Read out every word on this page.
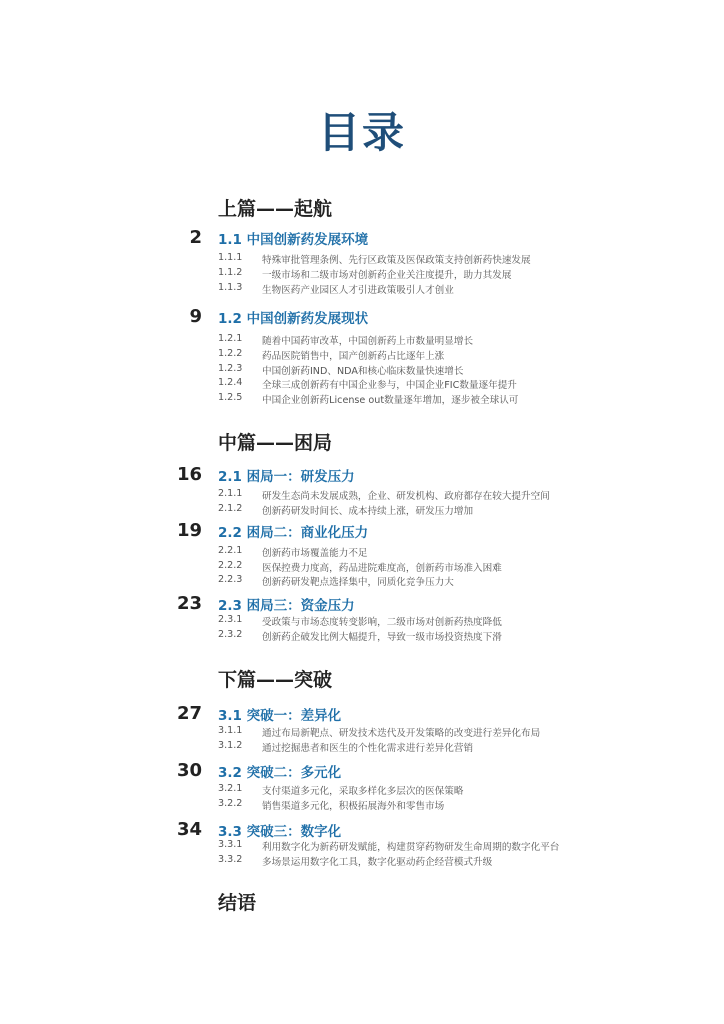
目录
上篇——起航
2 1.1 中国创新药发展环境
1.1.1	特殊审批管理条例、先行区政策及医保政策支持创新药快速发展
1.1.2	一级市场和二级市场对创新药企业关注度提升，助力其发展
1.1.3	生物医药产业园区人才引进政策吸引人才创业
9 1.2 中国创新药发展现状
1.2.1	随着中国药审改革，中国创新药上市数量明显增长
1.2.2	药品医院销售中，国产创新药占比逐年上涨
1.2.3	中国创新药IND、NDA和核心临床数量快速增长
1.2.4	全球三成创新药有中国企业参与，中国企业FIC数量逐年提升
1.2.5	中国企业创新药License out数量逐年增加，逐步被全球认可
中篇——困局
16 2.1 困局一：研发压力
2.1.1	研发生态尚未发展成熟，企业、研发机构、政府都存在较大提升空间
2.1.2	创新药研发时间长、成本持续上涨，研发压力增加
19 2.2 困局二：商业化压力
2.2.1	创新药市场覆盖能力不足
2.2.2	医保控费力度高，药品进院难度高，创新药市场准入困难
2.2.3	创新药研发靶点选择集中，同质化竞争压力大
23 2.3 困局三：资金压力
2.3.1	受政策与市场态度转变影响，二级市场对创新药热度降低
2.3.2	创新药企破发比例大幅提升，导致一级市场投资热度下滑
下篇——突破
27 3.1 突破一：差异化
3.1.1	通过布局新靶点、研发技术迭代及开发策略的改变进行差异化布局
3.1.2	通过挖掘患者和医生的个性化需求进行差异化营销
30 3.2 突破二：多元化
3.2.1	支付渠道多元化，采取多样化多层次的医保策略
3.2.2	销售渠道多元化，积极拓展海外和零售市场
34 3.3 突破三：数字化
3.3.1	利用数字化为新药研发赋能，构建贯穿药物研发生命周期的数字化平台
3.3.2	多场景运用数字化工具，数字化驱动药企经营模式升级
结语
